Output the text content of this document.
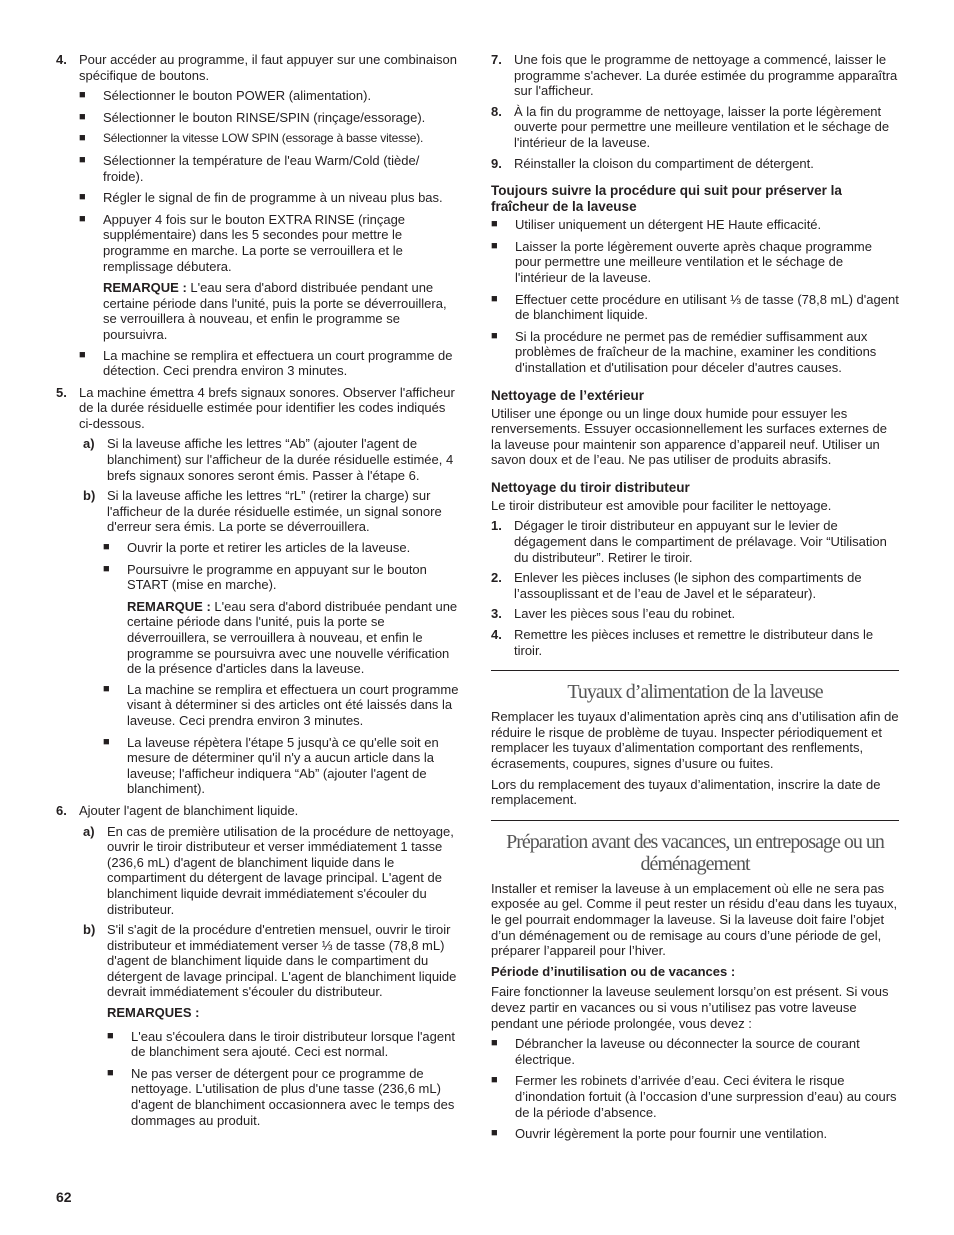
4. Pour accéder au programme, il faut appuyer sur une combinaison spécifique de boutons.
■	Sélectionner le bouton POWER (alimentation).
■	Sélectionner le bouton RINSE/SPIN (rinçage/essorage).
■	Sélectionner la vitesse LOW SPIN (essorage à basse vitesse).
■	Sélectionner la température de l'eau Warm/Cold (tiède/ froide).
■	Régler le signal de fin de programme à un niveau plus bas.
■	Appuyer 4 fois sur le bouton EXTRA RINSE (rinçage supplémentaire) dans les 5 secondes pour mettre le programme en marche. La porte se verrouillera et le remplissage débutera.

REMARQUE : L'eau sera d'abord distribuée pendant une certaine période dans l'unité, puis la porte se déverrouillera, se verrouillera à nouveau, et enfin le programme se poursuivra.

■	La machine se remplira et effectuera un court programme de détection. Ceci prendra environ 3 minutes.
5. La machine émettra 4 brefs signaux sonores. Observer l'afficheur de la durée résiduelle estimée pour identifier les codes indiqués ci-dessous.
a) Si la laveuse affiche les lettres “Ab” (ajouter l'agent de blanchiment) sur l'afficheur de la durée résiduelle estimée, 4 brefs signaux sonores seront émis. Passer à l'étape 6.
b) Si la laveuse affiche les lettres “rL” (retirer la charge) sur l'afficheur de la durée résiduelle estimée, un signal sonore d'erreur sera émis. La porte se déverrouillera.
■	Ouvrir la porte et retirer les articles de la laveuse.
■	Poursuivre le programme en appuyant sur le bouton START (mise en marche).

REMARQUE : L'eau sera d'abord distribuée pendant une certaine période dans l'unité, puis la porte se déverrouillera, se verrouillera à nouveau, et enfin le programme se poursuivra avec une nouvelle vérification de la présence d'articles dans la laveuse.

■	La machine se remplira et effectuera un court programme visant à déterminer si des articles ont été laissés dans la laveuse. Ceci prendra environ 3 minutes.
■	La laveuse répètera l'étape 5 jusqu'à ce qu'elle soit en mesure de déterminer qu'il n'y a aucun article dans la laveuse; l'afficheur indiquera “Ab” (ajouter l'agent de blanchiment).
6. Ajouter l'agent de blanchiment liquide.
a) En cas de première utilisation de la procédure de nettoyage, ouvrir le tiroir distributeur et verser immédiatement 1 tasse (236,6 mL) d'agent de blanchiment liquide dans le compartiment du détergent de lavage principal. L'agent de blanchiment liquide devrait immédiatement s'écouler du distributeur.
b) S'il s'agit de la procédure d'entretien mensuel, ouvrir le tiroir distributeur et immédiatement verser ⅓ de tasse (78,8 mL) d'agent de blanchiment liquide dans le compartiment du détergent de lavage principal. L'agent de blanchiment liquide devrait immédiatement s'écouler du distributeur.

REMARQUES :

■	L'eau s'écoulera dans le tiroir distributeur lorsque l'agent de blanchiment sera ajouté. Ceci est normal.
■	Ne pas verser de détergent pour ce programme de nettoyage. L'utilisation de plus d'une tasse (236,6 mL) d'agent de blanchiment occasionnera avec le temps des dommages au produit.
7. Une fois que le programme de nettoyage a commencé, laisser le programme s'achever. La durée estimée du programme apparaîtra sur l'afficheur.
8. À la fin du programme de nettoyage, laisser la porte légèrement ouverte pour permettre une meilleure ventilation et le séchage de l'intérieur de la laveuse.
9. Réinstaller la cloison du compartiment de détergent.
Toujours suivre la procédure qui suit pour préserver la fraîcheur de la laveuse
■	Utiliser uniquement un détergent HE Haute efficacité.
■	Laisser la porte légèrement ouverte après chaque programme pour permettre une meilleure ventilation et le séchage de l'intérieur de la laveuse.
■	Effectuer cette procédure en utilisant ⅓ de tasse (78,8 mL) d'agent de blanchiment liquide.
■	Si la procédure ne permet pas de remédier suffisamment aux problèmes de fraîcheur de la machine, examiner les conditions d'installation et d'utilisation pour déceler d'autres causes.
Nettoyage de l’extérieur

Utiliser une éponge ou un linge doux humide pour essuyer les renversements. Essuyer occasionnellement les surfaces externes de la laveuse pour maintenir son apparence d’appareil neuf. Utiliser un savon doux et de l’eau. Ne pas utiliser de produits abrasifs.

Nettoyage du tiroir distributeur

Le tiroir distributeur est amovible pour faciliter le nettoyage.

1. Dégager le tiroir distributeur en appuyant sur le levier de dégagement dans le compartiment de prélavage. Voir “Utilisation du distributeur”. Retirer le tiroir.
2. Enlever les pièces incluses (le siphon des compartiments de l’assouplissant et de l’eau de Javel et le séparateur).
3. Laver les pièces sous l’eau du robinet.
4. Remettre les pièces incluses et remettre le distributeur dans le tiroir.
Tuyaux d’alimentation de la laveuse

Remplacer les tuyaux d’alimentation après cinq ans d’utilisation afin de réduire le risque de problème de tuyau. Inspecter périodiquement et remplacer les tuyaux d’alimentation comportant des renflements, écrasements, coupures, signes d’usure ou fuites.

Lors du remplacement des tuyaux d’alimentation, inscrire la date de remplacement.

Préparation avant des vacances, un entreposage ou un déménagement

Installer et remiser la laveuse à un emplacement où elle ne sera pas exposée au gel. Comme il peut rester un résidu d’eau dans les tuyaux, le gel pourrait endommager la laveuse. Si la laveuse doit faire l’objet d’un déménagement ou de remisage au cours d’une période de gel, préparer l’appareil pour l’hiver.

Période d’inutilisation ou de vacances :

Faire fonctionner la laveuse seulement lorsqu’on est présent. Si vous devez partir en vacances ou si vous n’utilisez pas votre laveuse pendant une période prolongée, vous devez :

■	Débrancher la laveuse ou déconnecter la source de courant électrique.
■	Fermer les robinets d’arrivée d’eau. Ceci évitera le risque d’inondation fortuit (à l’occasion d’une surpression d’eau) au cours de la période d’absence.
■	Ouvrir légèrement la porte pour fournir une ventilation.
62
